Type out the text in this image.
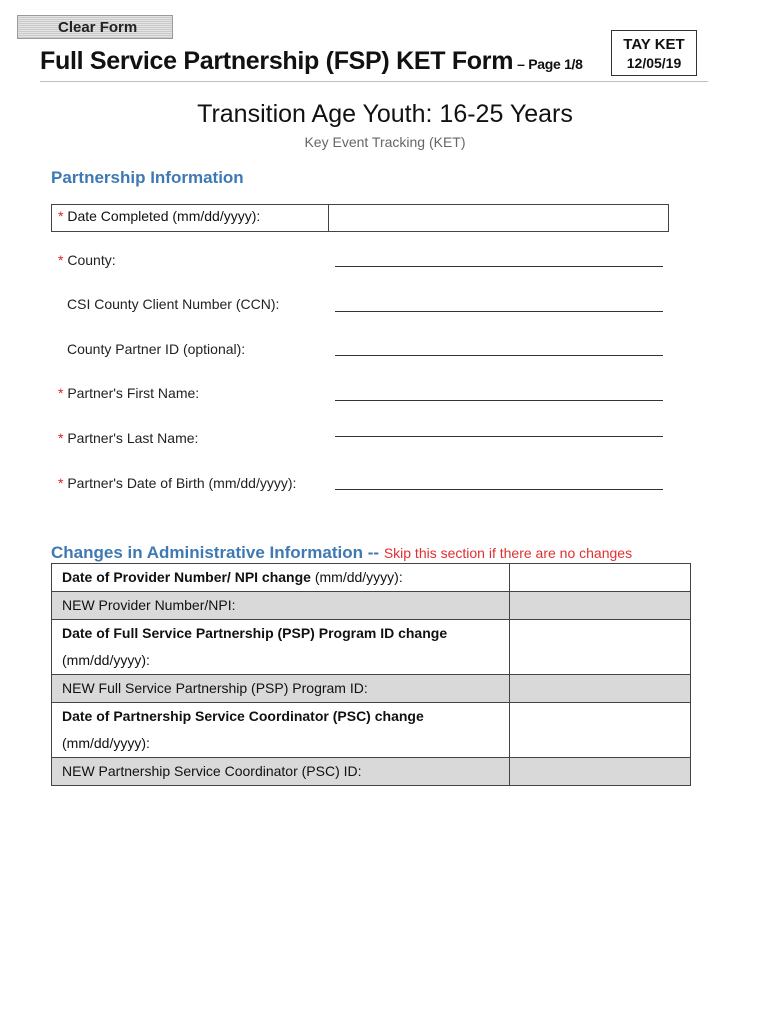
Clear Form
Full Service Partnership (FSP) KET Form – Page 1/8
TAY KET
12/05/19
Transition Age Youth: 16-25 Years
Key Event Tracking (KET)
Partnership Information
* Date Completed (mm/dd/yyyy):
* County:
CSI County Client Number (CCN):
County Partner ID (optional):
* Partner's First Name:
* Partner's Last Name:
* Partner's Date of Birth (mm/dd/yyyy):
Changes in Administrative Information -- Skip this section if there are no changes
Date of Provider Number/ NPI change (mm/dd/yyyy):	

NEW Provider Number/NPI:	

Date of Full Service Partnership (PSP) Program ID change
(mm/dd/yyyy):	

NEW Full Service Partnership (PSP) Program ID:	

Date of Partnership Service Coordinator (PSC) change
(mm/dd/yyyy):	

NEW Partnership Service Coordinator (PSC) ID:	
